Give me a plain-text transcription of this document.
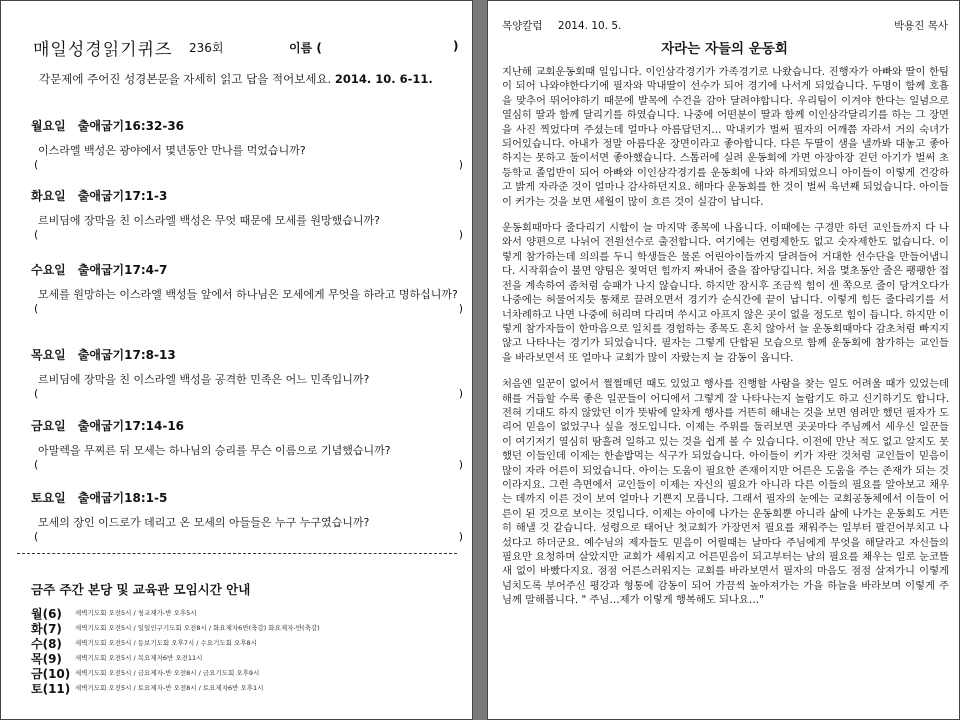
매일성경읽기퀴즈 236회	이름 (	)
각문제에 주어진 성경본문을 자세히 읽고 답을 적어보세요. 2014. 10. 6-11.
월요일 출애굽기16:32-36
이스라엘 백성은 광야에서 몇년동안 만나를 먹었습니까?
(	)
화요일 출애굽기17:1-3
르비딤에 장막을 친 이스라엘 백성은 무엇 때문에 모세를 원망했습니까?
(	)
수요일 출애굽기17:4-7
모세를 원망하는 이스라엘 백성들 앞에서 하나님은 모세에게 무엇을 하라고 명하십니까?
(	)
목요일 출애굽기17:8-13
르비딤에 장막을 친 이스라엘 백성을 공격한 민족은 어느 민족입니까?
(	)
금요일 출애굽기17:14-16
아말렉을 무찌른 뒤 모세는 하나님의 승리를 무슨 이름으로 기념했습니까?
(	)
토요일 출애굽기18:1-5
모세의 장인 이드로가 데리고 온 모세의 아들들은 누구 누구였습니까?
(	)
금주 주간 본당 및 교육관 모임시간 안내
월(6) 새벽기도회 오전5시 / 청교재가-반 오후5시
화(7) 새벽기도회 오전5시 / 일일인구기도회 오전8시 / 화요제자6반(축강) 화요제자-반(축강)
수(8) 새벽기도회 오전5시 / 동보기도회 오후7시 / 수요기도회 오후8시
목(9) 새벽기도회 오전5시 / 목요제자6반 오전11시
금(10) 새벽기도회 오전5시 / 금요제자-반 오전8시 / 금요기도회 오후9시
토(11) 새벽기도회 오전5시 / 토요제자-반 오전8시 / 토요제자6반 오후1시
목양칼럼 2014. 10. 5.	박용진 목사
자라는 자들의 운동회

지난해 교회운동회때 일입니다. 이인삼각경기가 가족경기로 나왔습니다. 진행자가 아빠와 딸이 한팀이 되어 나와야한다기에 필자와 막내딸이 선수가 되어 경기에 나서게 되었습니다. 두명이 함께 호흡을 맞추어 뛰어야하기 때문에 발목에 수건을 감아 달려야합니다. 우리팀이 이겨야 한다는 일념으로 열심히 딸과 함께 달리기를 하였습니다. 나중에 어떤분이 딸과 함께 이인삼각달리기를 하는 그 장면을 사진 찍었다며 주셨는데 얼마나 아름답던지… 막내키가 벌써 필자의 어깨쯤 자라서 거의 숙녀가 되어있습니다. 아내가 정말 아름다운 장면이라고 좋아합니다. 다른 두딸이 샘을 낼까봐 대놓고 좋아하지는 못하고 둘이서면 좋아했습니다. 스톱러에 실려 운동회에 가면 아장아장 걷던 아기가 벌써 초등학교 졸업반이 되어 아빠와 이인삼각경기를 운동회에 나와 하게되었으니 아이들이 이렇게 건강하고 밝게 자라준 것이 얼마나 감사하던지요. 해마다 운동회를 한 것이 벌써 육년째 되었습니다. 아이들이 커가는 것을 보면 세월이 많이 흐른 것이 실감이 납니다.

운동회때마다 줄다리기 시합이 늘 마지막 종목에 나옵니다. 이때에는 구경만 하던 교인들까지 다 나와서 양편으로 나뉘어 전원선수로 출전합니다. 여기에는 연령제한도 없고 숫자제한도 없습니다. 이렇게 참가하는데 의의를 두니 학생들은 물론 어린아이들까지 달려들어 거대한 선수단을 만들어냅니다. 시작휘슬이 불면 양팀은 젖먹던 힘까지 짜내어 줄을 잡아당깁니다. 처음 몇초동안 줄은 팽팽한 접전을 계속하여 좀처럼 승패가 나지 않습니다. 하지만 잠시후 조금씩 힘이 센 쪽으로 줄이 당겨오다가 나중에는 허물어지듯 통채로 끌려오면서 경기가 순식간에 끝이 납니다. 이렇게 힘든 줄다리기를 서너차례하고 나면 나중에 허리며 다리며 쑤시고 아프지 않은 곳이 없을 정도로 힘이 듭니다. 하지만 이렇게 참가자들이 한마음으로 일치를 경험하는 종목도 흔치 않아서 늘 운동회때마다 감초처럼 빠지지 않고 나타나는 경기가 되었습니다. 필자는 그렇게 단합된 모습으로 함께 운동회에 참가하는 교인들을 바라보면서 또 얼마나 교회가 많이 자랐는지 늘 감동이 옵니다.

처음엔 일꾼이 없어서 쩔쩔매던 때도 있었고 행사를 진행할 사람을 찾는 일도 어려울 때가 있었는데 해를 거듭할 수록 좋은 일꾼들이 어디에서 그렇게 잘 나타나는지 놀랍기도 하고 신기하기도 합니다. 전혀 기대도 하지 않았던 이가 뜻밖에 알차게 행사를 거뜬히 해내는 것을 보면 염려만 했던 필자가 도리어 믿음이 없었구나 싶을 정도입니다. 이제는 주위를 둘러보면 곳곳마다 주님께서 세우신 일꾼들이 여기저기 열심히 땀흘려 일하고 있는 것을 쉽게 볼 수 있습니다. 이전에 만난 적도 없고 알지도 못했던 이들인데 이제는 한솥밥먹는 식구가 되었습니다. 아이들이 키가 자란 것처럼 교인들이 믿음이 많이 자라 어른이 되었습니다. 아이는 도움이 필요한 존재이지만 어른은 도움을 주는 존재가 되는 것이라지요. 그런 측면에서 교인들이 이제는 자신의 필요가 아니라 다른 이들의 필요를 알아보고 채우는 데까지 이른 것이 보여 얼마나 기쁜지 모릅니다. 그래서 필자의 눈에는 교회공동체에서 이들이 어른이 된 것으로 보이는 것입니다. 이제는 아이에 나가는 운동회뿐 아니라 삶에 나가는 운동회도 거뜬히 해낼 것 같습니다. 성령으로 태어난 첫교회가 가장먼저 필요를 채워주는 일부터 팔걷어부치고 나섰다고 하더군요. 예수님의 제자들도 믿음이 어릴때는 날마다 주님에게 무엇을 해달라고 자신들의 필요만 요청하며 살았지만 교회가 세워지고 어른믿음이 되고부터는 남의 필요를 채우는 일로 눈코뜰새 없이 바빴다지요. 점점 어른스러워지는 교회를 바라보면서 필자의 마음도 점점 살져가니 이렇게 넘치도록 부어주신 평강과 형통에 감동이 되어 가끔씩 높아져가는 가을 하늘을 바라보며 이렇게 주님께 말해봅니다. " 주님…제가 이렇게 행복해도 되나요…"
